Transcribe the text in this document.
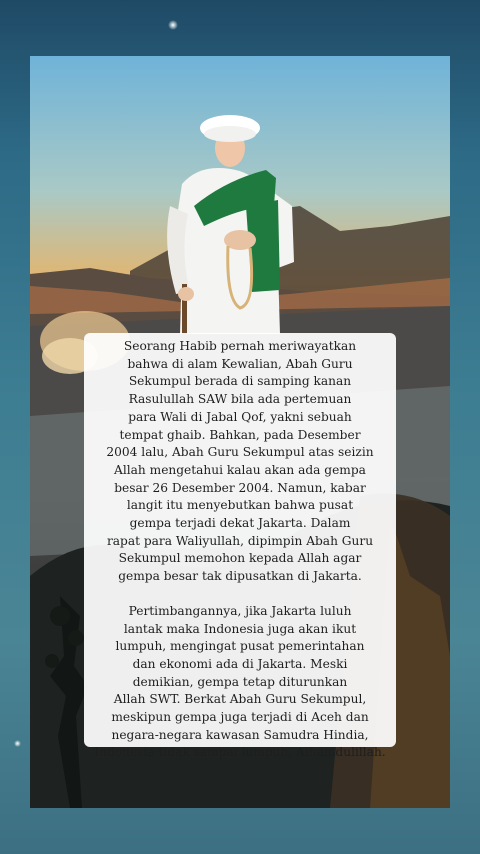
Seorang Habib pernah meriwayatkan

bahwa di alam Kewalian, Abah Guru

Sekumpul berada di samping kanan

Rasulullah SAW bila ada pertemuan

para Wali di Jabal Qof, yakni sebuah

tempat ghaib. Bahkan, pada Desember

2004 lalu, Abah Guru Sekumpul atas seizin

Allah mengetahui kalau akan ada gempa

besar 26 Desember 2004. Namun, kabar

langit itu menyebutkan bahwa pusat

gempa terjadi dekat Jakarta. Dalam

rapat para Waliyullah, dipimpin Abah Guru

Sekumpul memohon kepada Allah agar

gempa besar tak dipusatkan di Jakarta.

Pertimbangannya, jika Jakarta luluh

lantak maka Indonesia juga akan ikut

lumpuh, mengingat pusat pemerintahan

dan ekonomi ada di Jakarta. Meski

demikian, gempa tetap diturunkan

Allah SWT. Berkat Abah Guru Sekumpul,

meskipun gempa juga terjadi di Aceh dan

negara-negara kawasan Samudra Hindia,

Indonesia tidak sampai lumpuh, Alhamdulillah.
